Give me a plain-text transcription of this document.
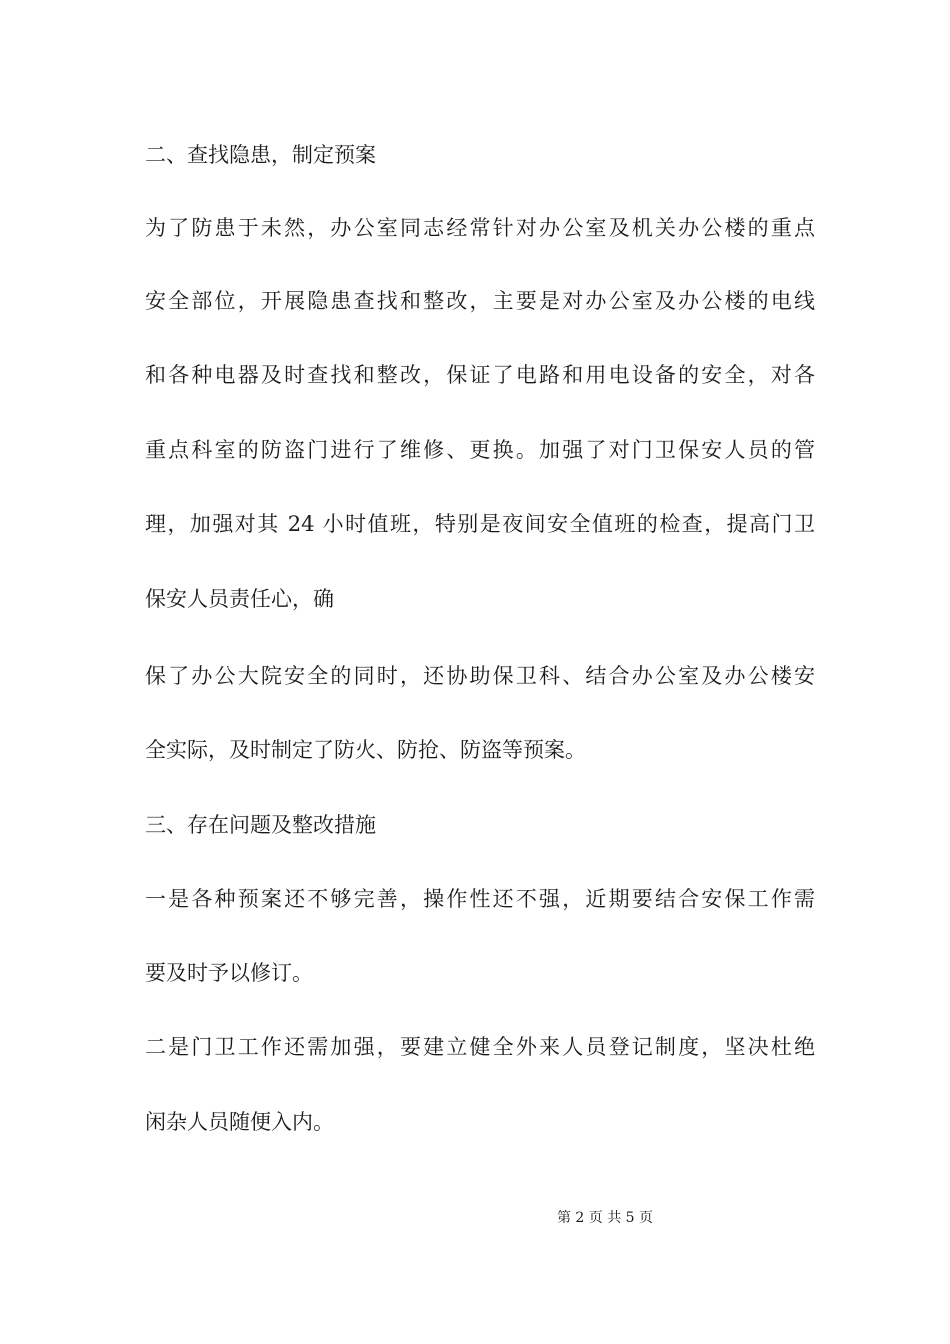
二、查找隐患，制定预案
为了防患于未然，办公室同志经常针对办公室及机关办公楼的重点
安全部位，开展隐患查找和整改，主要是对办公室及办公楼的电线
和各种电器及时查找和整改，保证了电路和用电设备的安全，对各
重点科室的防盗门进行了维修、更换。加强了对门卫保安人员的管
理，加强对其 24 小时值班，特别是夜间安全值班的检查，提高门卫
保安人员责任心，确
保了办公大院安全的同时，还协助保卫科、结合办公室及办公楼安
全实际，及时制定了防火、防抢、防盗等预案。
三、存在问题及整改措施
一是各种预案还不够完善，操作性还不强，近期要结合安保工作需
要及时予以修订。
二是门卫工作还需加强，要建立健全外来人员登记制度，坚决杜绝
闲杂人员随便入内。
第 2 页 共 5 页
